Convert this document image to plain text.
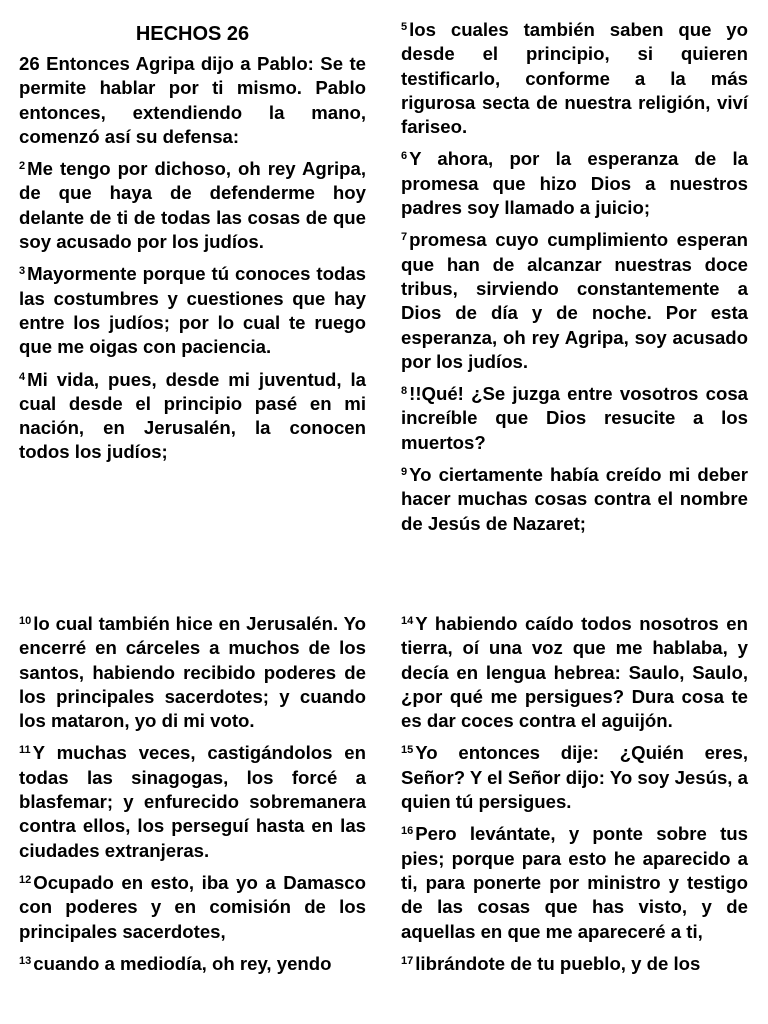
HECHOS 26

26 Entonces Agripa dijo a Pablo: Se te permite hablar por ti mismo. Pablo entonces, extendiendo la mano, comenzó así su defensa:

$^2$ Me tengo por dichoso, oh rey Agripa, de que haya de defenderme hoy delante de ti de todas las cosas de que soy acusado por los judíos.

$^3$ Mayormente porque tú conoces todas las costumbres y cuestiones que hay entre los judíos; por lo cual te ruego que me oigas con paciencia.

$^4$ Mi vida, pues, desde mi juventud, la cual desde el principio pasé en mi nación, en Jerusalén, la conocen todos los judíos;

$^5$ los cuales también saben que yo desde el principio, si quieren testificarlo, conforme a la más rigurosa secta de nuestra religión, viví fariseo.

$^6$ Y ahora, por la esperanza de la promesa que hizo Dios a nuestros padres soy llamado a juicio;

$^7$ promesa cuyo cumplimiento esperan que han de alcanzar nuestras doce tribus, sirviendo constantemente a Dios de día y de noche. Por esta esperanza, oh rey Agripa, soy acusado por los judíos.

$^8$ !!Qué! ¿Se juzga entre vosotros cosa increíble que Dios resucite a los muertos?

$^9$ Yo ciertamente había creído mi deber hacer muchas cosas contra el nombre de Jesús de Nazaret;

$^{10}$ lo cual también hice en Jerusalén. Yo encerré en cárceles a muchos de los santos, habiendo recibido poderes de los principales sacerdotes; y cuando los mataron, yo di mi voto.

$^{11}$ Y muchas veces, castigándolos en todas las sinagogas, los forcé a blasfemar; y enfurecido sobremanera contra ellos, los perseguí hasta en las ciudades extranjeras.

$^{12}$ Ocupado en esto, iba yo a Damasco con poderes y en comisión de los principales sacerdotes,

$^{13}$ cuando a mediodía, oh rey, yendo

$^{14}$ Y habiendo caído todos nosotros en tierra, oí una voz que me hablaba, y decía en lengua hebrea: Saulo, Saulo, ¿por qué me persigues? Dura cosa te es dar coces contra el aguijón.

$^{15}$ Yo entonces dije: ¿Quién eres, Señor? Y el Señor dijo: Yo soy Jesús, a quien tú persigues.

$^{16}$ Pero levántate, y ponte sobre tus pies; porque para esto he aparecido a ti, para ponerte por ministro y testigo de las cosas que has visto, y de aquellas en que me apareceré a ti,

$^{17}$ librándote de tu pueblo, y de los
